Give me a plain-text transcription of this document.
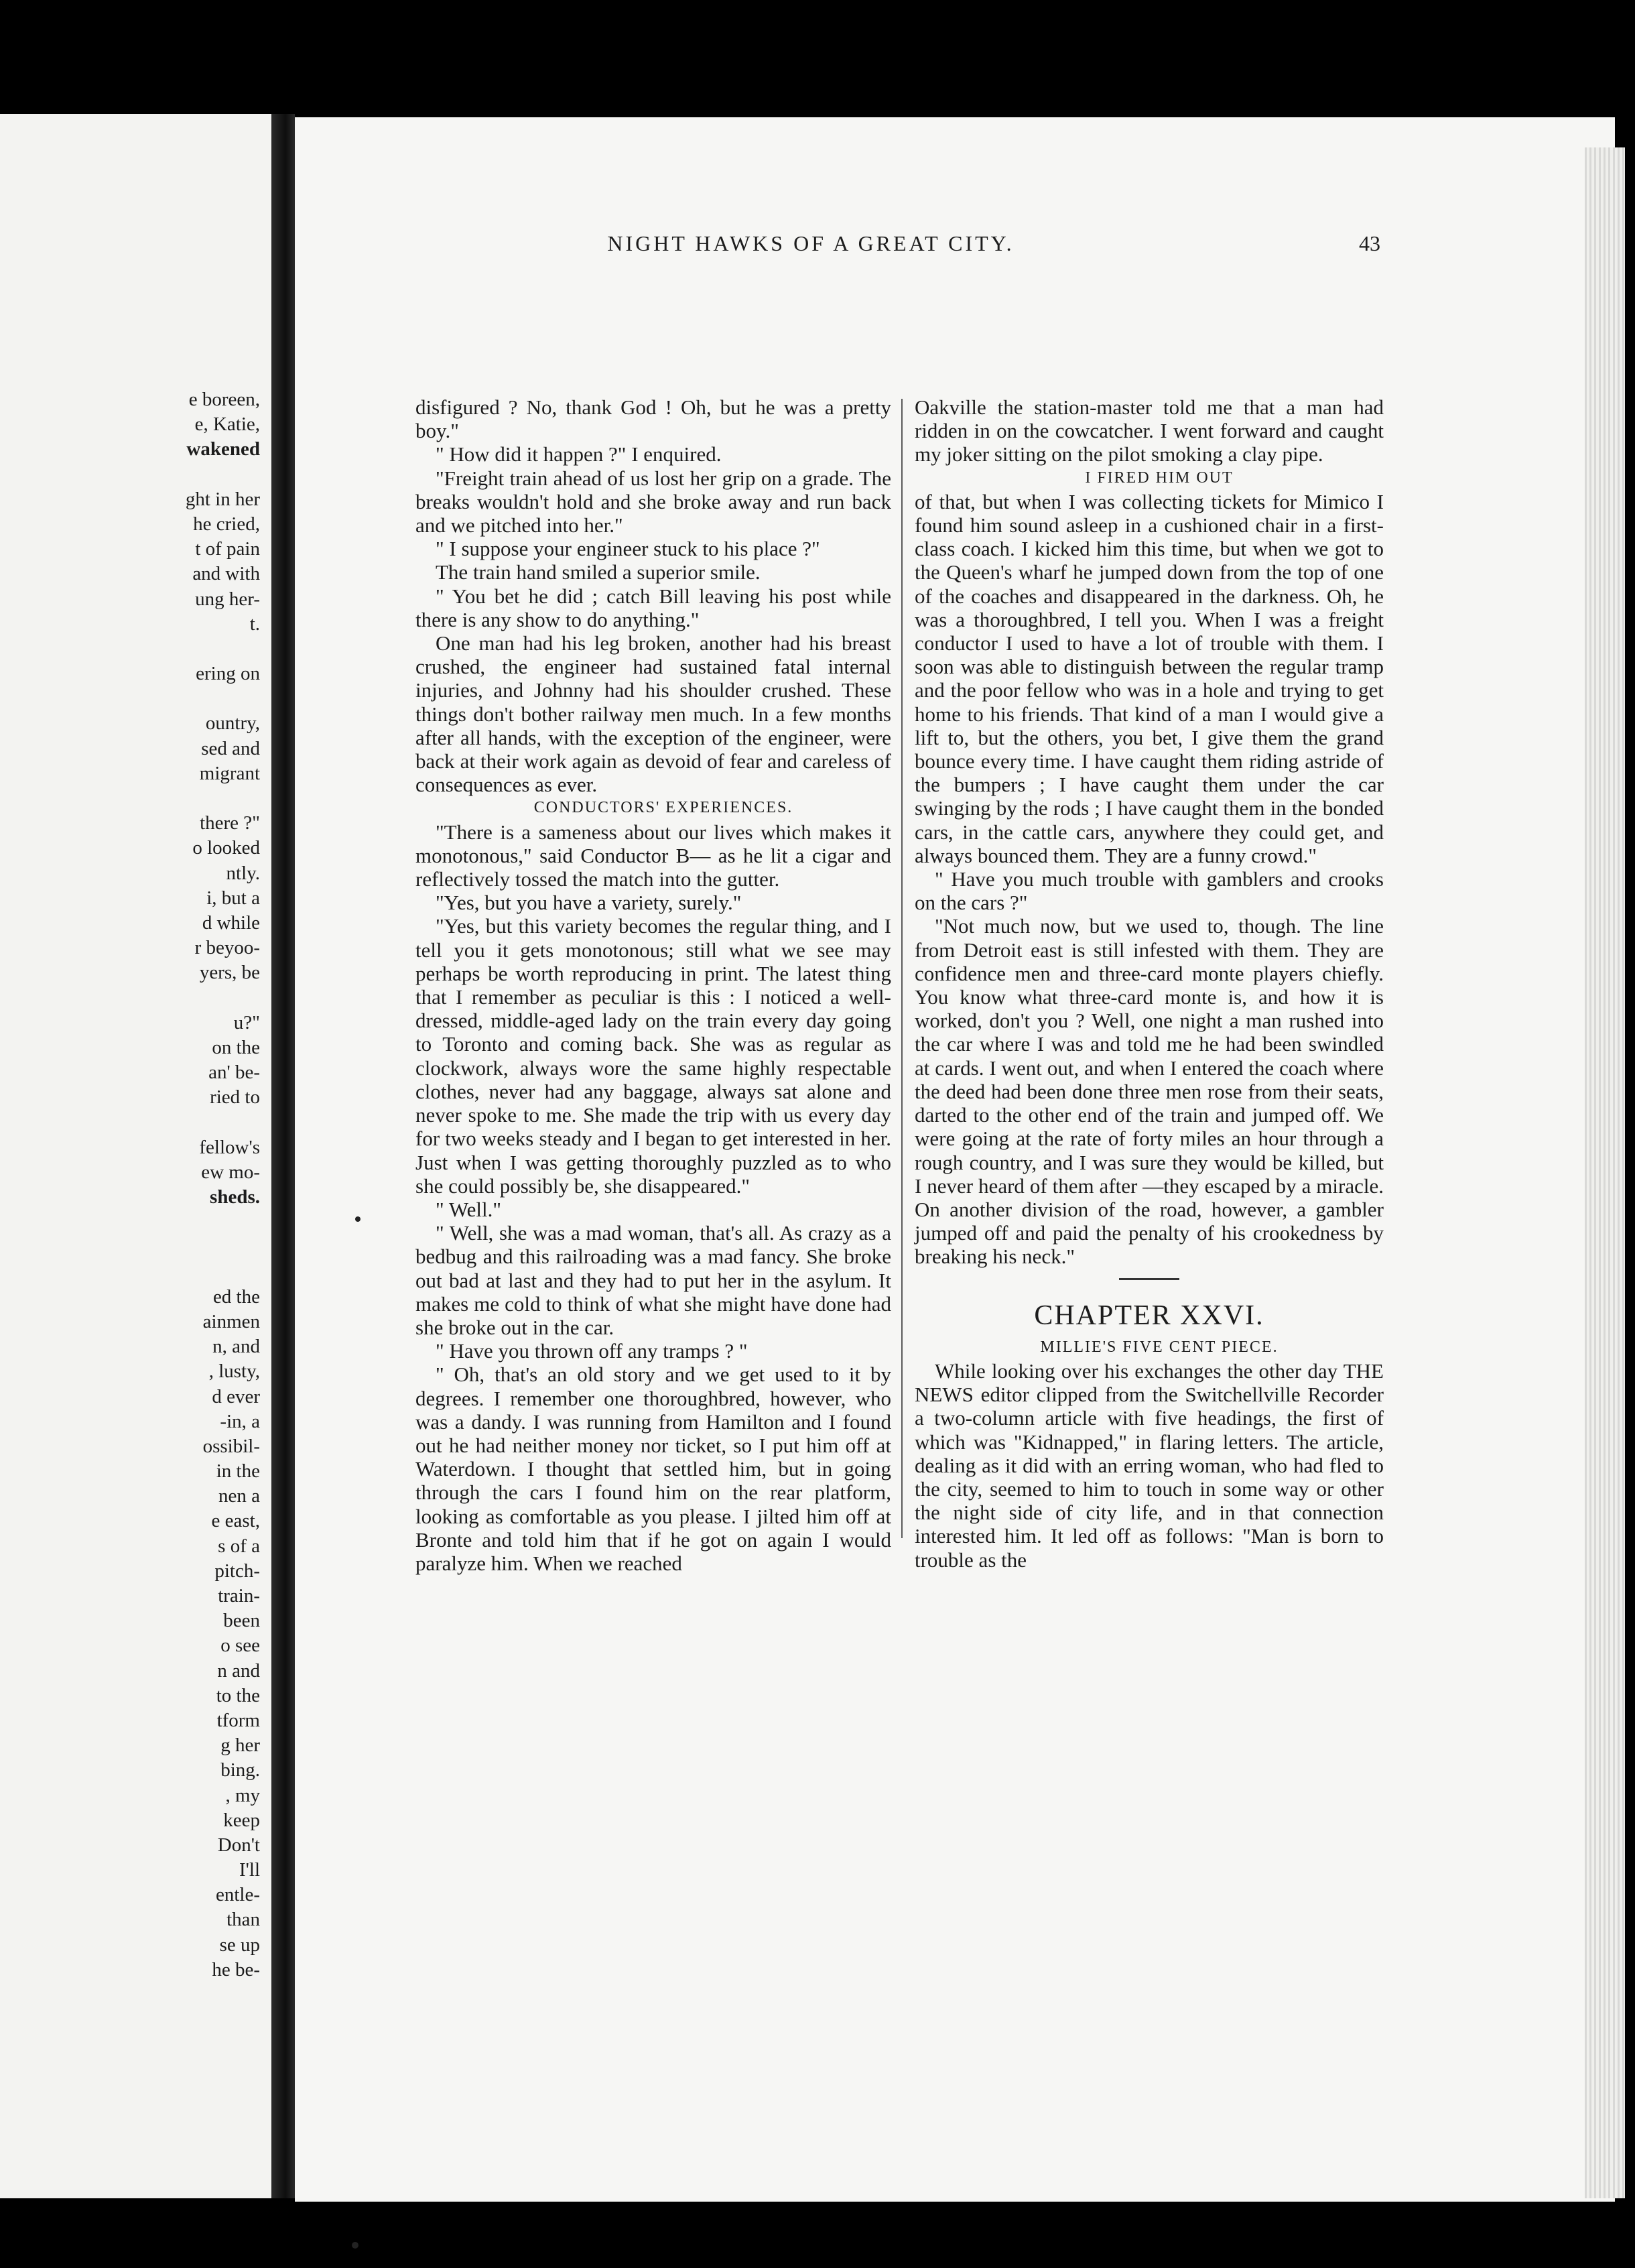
e boreen,
e, Katie,
wakened

ght in her
he cried,
t of pain
and with
ung her-
t.

ering on

ountry,
sed and
migrant

there ?"
o looked
ntly.
i, but a
d while
r beyoo-
yers, be

u?"
on the
an' be-
ried to

fellow's
ew mo-
sheds.

ed the
ainmen
n, and
, lusty,
d ever
-in, a
ossibil-
in the
nen a
e east,
s of a
pitch-
train-
been
o see
n and
to the
tform
g her
bing.
, my
keep
Don't
I'll
entle-
than
se up
he be-
NIGHT HAWKS OF A GREAT CITY.	43

disfigured ? No, thank God ! Oh, but he was a pretty boy."

" How did it happen ?" I enquired.

"Freight train ahead of us lost her grip on a grade. The breaks wouldn't hold and she broke away and run back and we pitched into her."

" I suppose your engineer stuck to his place ?"

The train hand smiled a superior smile.

" You bet he did ; catch Bill leaving his post while there is any show to do anything."

One man had his leg broken, another had his breast crushed, the engineer had sustained fatal internal injuries, and Johnny had his shoulder crushed. These things don't bother railway men much. In a few months after all hands, with the exception of the engineer, were back at their work again as devoid of fear and careless of consequences as ever.

CONDUCTORS' EXPERIENCES.

"There is a sameness about our lives which makes it monotonous," said Conductor B— as he lit a cigar and reflectively tossed the match into the gutter.

"Yes, but you have a variety, surely."

"Yes, but this variety becomes the regular thing, and I tell you it gets monotonous; still what we see may perhaps be worth reproducing in print. The latest thing that I remember as peculiar is this : I noticed a well-dressed, middle-aged lady on the train every day going to Toronto and coming back. She was as regular as clockwork, always wore the same highly respectable clothes, never had any baggage, always sat alone and never spoke to me. She made the trip with us every day for two weeks steady and I began to get interested in her. Just when I was getting thoroughly puzzled as to who she could possibly be, she disappeared."

" Well."

" Well, she was a mad woman, that's all. As crazy as a bedbug and this railroading was a mad fancy. She broke out bad at last and they had to put her in the asylum. It makes me cold to think of what she might have done had she broke out in the car.

" Have you thrown off any tramps ? "

" Oh, that's an old story and we get used to it by degrees. I remember one thoroughbred, however, who was a dandy. I was running from Hamilton and I found out he had neither money nor ticket, so I put him off at Waterdown. I thought that settled him, but in going through the cars I found him on the rear platform, looking as comfortable as you please. I jilted him off at Bronte and told him that if he got on again I would paralyze him. When we reached

Oakville the station-master told me that a man had ridden in on the cowcatcher. I went forward and caught my joker sitting on the pilot smoking a clay pipe.

I FIRED HIM OUT

of that, but when I was collecting tickets for Mimico I found him sound asleep in a cushioned chair in a first-class coach. I kicked him this time, but when we got to the Queen's wharf he jumped down from the top of one of the coaches and disappeared in the darkness. Oh, he was a thoroughbred, I tell you. When I was a freight conductor I used to have a lot of trouble with them. I soon was able to distinguish between the regular tramp and the poor fellow who was in a hole and trying to get home to his friends. That kind of a man I would give a lift to, but the others, you bet, I give them the grand bounce every time. I have caught them riding astride of the bumpers ; I have caught them under the car swinging by the rods ; I have caught them in the bonded cars, in the cattle cars, anywhere they could get, and always bounced them. They are a funny crowd."

" Have you much trouble with gamblers and crooks on the cars ?"

"Not much now, but we used to, though. The line from Detroit east is still infested with them. They are confidence men and three-card monte players chiefly. You know what three-card monte is, and how it is worked, don't you ? Well, one night a man rushed into the car where I was and told me he had been swindled at cards. I went out, and when I entered the coach where the deed had been done three men rose from their seats, darted to the other end of the train and jumped off. We were going at the rate of forty miles an hour through a rough country, and I was sure they would be killed, but I never heard of them after —they escaped by a miracle. On another division of the road, however, a gambler jumped off and paid the penalty of his crookedness by breaking his neck."

CHAPTER XXVI.

MILLIE'S FIVE CENT PIECE.

While looking over his exchanges the other day THE NEWS editor clipped from the Switchellville Recorder a two-column article with five headings, the first of which was "Kidnapped," in flaring letters. The article, dealing as it did with an erring woman, who had fled to the city, seemed to him to touch in some way or other the night side of city life, and in that connection interested him. It led off as follows: "Man is born to trouble as the
